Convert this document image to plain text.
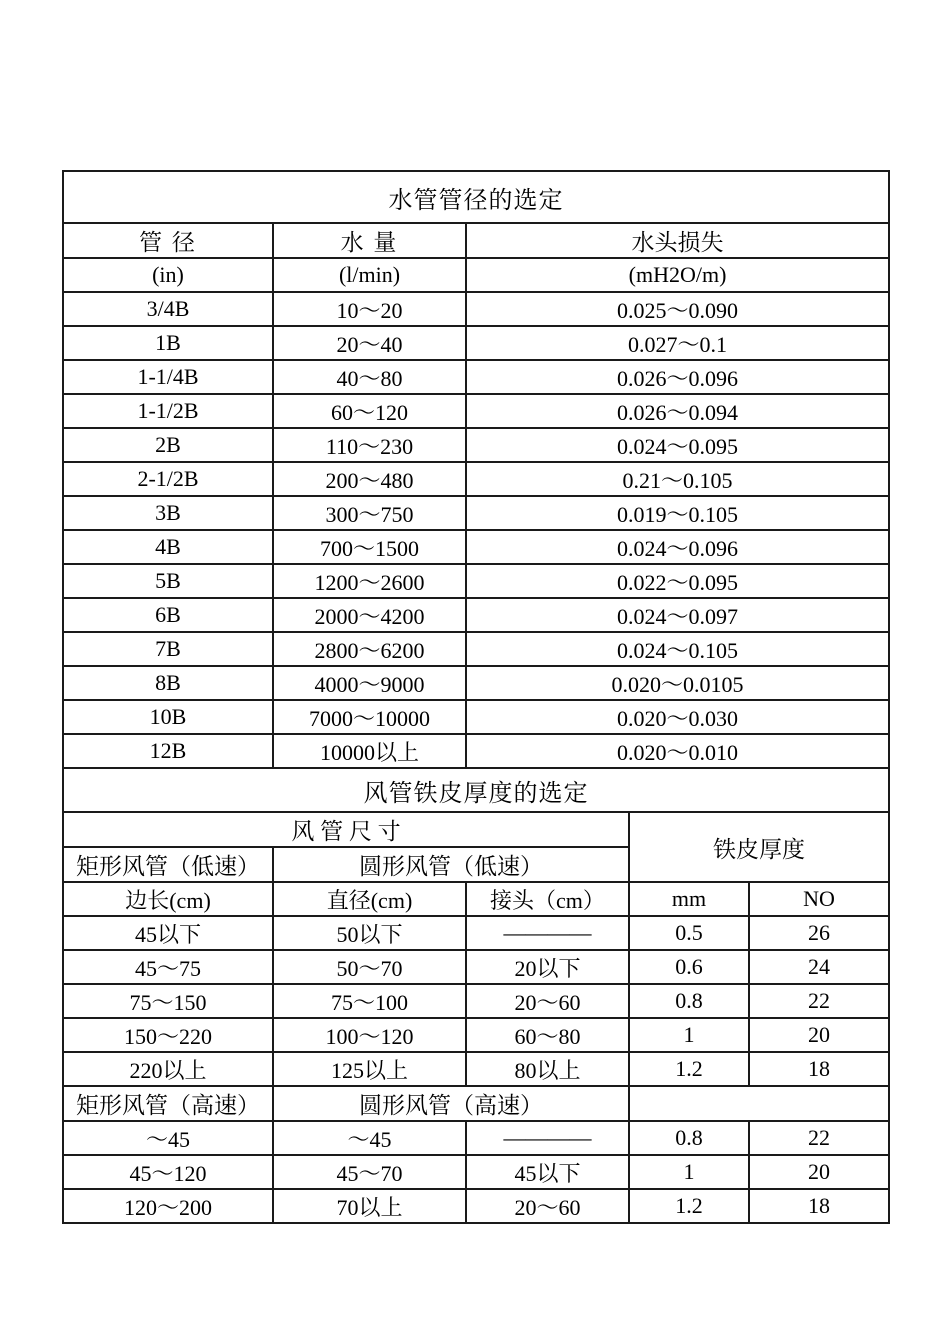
水管管径的选定				
管 径	水 量	水头损失		
(in)	(l/min)	(mH2O/m)		
3/4B	10～20	0.025～0.090		
1B	20～40	0.027～0.1		
1-1/4B	40～80	0.026～0.096		
1-1/2B	60～120	0.026～0.094		
2B	110～230	0.024～0.095		
2-1/2B	200～480	0.21～0.105		
3B	300～750	0.019～0.105		
4B	700～1500	0.024～0.096		
5B	1200～2600	0.022～0.095		
6B	2000～4200	0.024～0.097		
7B	2800～6200	0.024～0.105		
8B	4000～9000	0.020～0.0105		
10B	7000～10000	0.020～0.030		
12B	10000以上	0.020～0.010		
风管铁皮厚度的选定				
风 管 尺 寸			铁皮厚度	
矩形风管（低速）	圆形风管（低速）			
边长(cm)	直径(cm)	接头（cm）	mm	NO
45以下	50以下	————	0.5	26
45～75	50～70	20以下	0.6	24
75～150	75～100	20～60	0.8	22
150～220	100～120	60～80	1	20
220以上	125以上	80以上	1.2	18
矩形风管（高速）	圆形风管（高速）			
～45	～45	————	0.8	22
45～120	45～70	45以下	1	20
120～200	70以上	20～60	1.2	18
